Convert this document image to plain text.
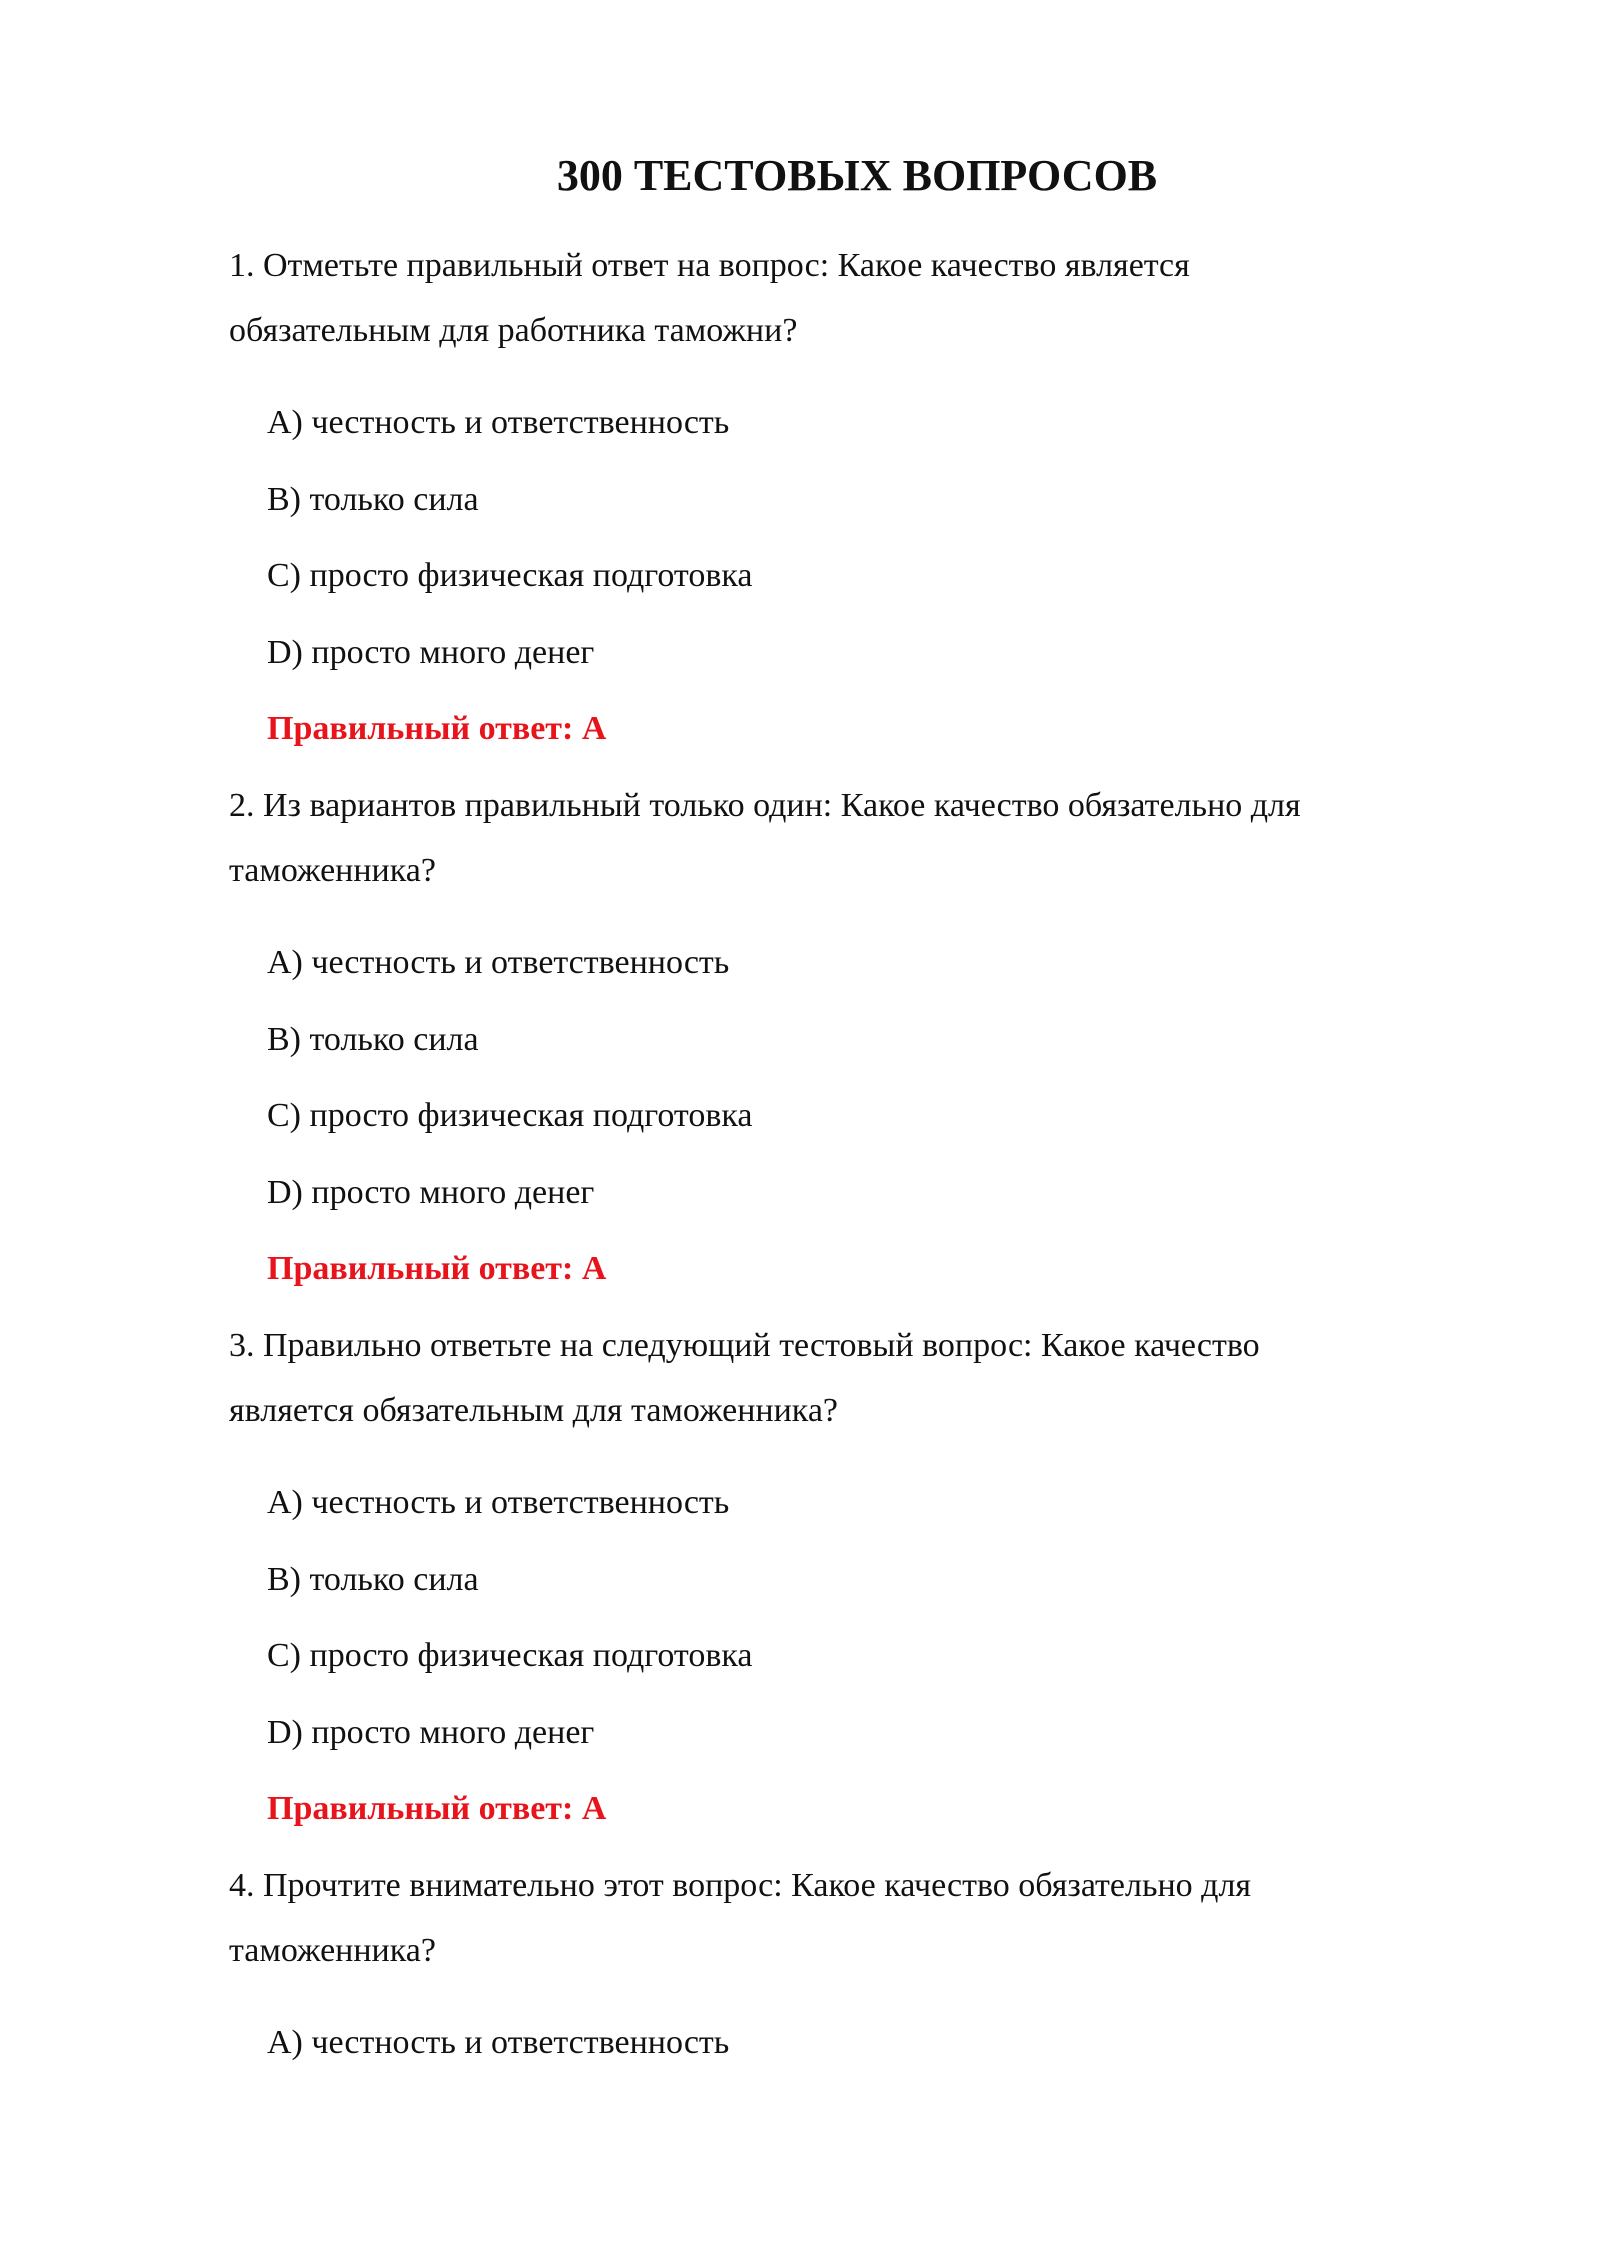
300 ТЕСТОВЫХ ВОПРОСОВ
1. Отметьте правильный ответ на вопрос: Какое качество является
обязательным для работника таможни?
A) честность и ответственность
B) только сила
C) просто физическая подготовка
D) просто много денег
Правильный ответ: A
2. Из вариантов правильный только один: Какое качество обязательно для
таможенника?
A) честность и ответственность
B) только сила
C) просто физическая подготовка
D) просто много денег
Правильный ответ: A
3. Правильно ответьте на следующий тестовый вопрос: Какое качество
является обязательным для таможенника?
A) честность и ответственность
B) только сила
C) просто физическая подготовка
D) просто много денег
Правильный ответ: A
4. Прочтите внимательно этот вопрос: Какое качество обязательно для
таможенника?
A) честность и ответственность
